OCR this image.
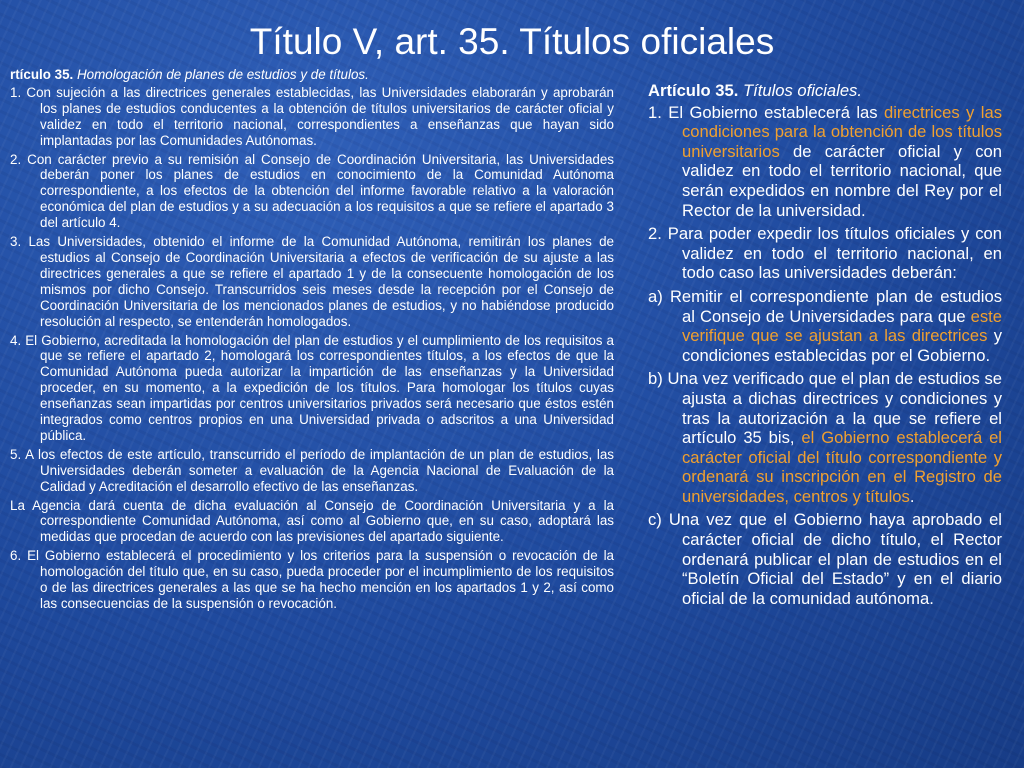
Título V, art. 35. Títulos oficiales
rtículo 35. Homologación de planes de estudios y de títulos.

1. Con sujeción a las directrices generales establecidas, las Universidades elaborarán y aprobarán los planes de estudios conducentes a la obtención de títulos universitarios de carácter oficial y validez en todo el territorio nacional, correspondientes a enseñanzas que hayan sido implantadas por las Comunidades Autónomas.

2. Con carácter previo a su remisión al Consejo de Coordinación Universitaria, las Universidades deberán poner los planes de estudios en conocimiento de la Comunidad Autónoma correspondiente, a los efectos de la obtención del informe favorable relativo a la valoración económica del plan de estudios y a su adecuación a los requisitos a que se refiere el apartado 3 del artículo 4.

3. Las Universidades, obtenido el informe de la Comunidad Autónoma, remitirán los planes de estudios al Consejo de Coordinación Universitaria a efectos de verificación de su ajuste a las directrices generales a que se refiere el apartado 1 y de la consecuente homologación de los mismos por dicho Consejo. Transcurridos seis meses desde la recepción por el Consejo de Coordinación Universitaria de los mencionados planes de estudios, y no habiéndose producido resolución al respecto, se entenderán homologados.

4. El Gobierno, acreditada la homologación del plan de estudios y el cumplimiento de los requisitos a que se refiere el apartado 2, homologará los correspondientes títulos, a los efectos de que la Comunidad Autónoma pueda autorizar la impartición de las enseñanzas y la Universidad proceder, en su momento, a la expedición de los títulos. Para homologar los títulos cuyas enseñanzas sean impartidas por centros universitarios privados será necesario que éstos estén integrados como centros propios en una Universidad privada o adscritos a una Universidad pública.

5. A los efectos de este artículo, transcurrido el período de implantación de un plan de estudios, las Universidades deberán someter a evaluación de la Agencia Nacional de Evaluación de la Calidad y Acreditación el desarrollo efectivo de las enseñanzas.

La Agencia dará cuenta de dicha evaluación al Consejo de Coordinación Universitaria y a la correspondiente Comunidad Autónoma, así como al Gobierno que, en su caso, adoptará las medidas que procedan de acuerdo con las previsiones del apartado siguiente.

6. El Gobierno establecerá el procedimiento y los criterios para la suspensión o revocación de la homologación del título que, en su caso, pueda proceder por el incumplimiento de los requisitos o de las directrices generales a las que se ha hecho mención en los apartados 1 y 2, así como las consecuencias de la suspensión o revocación.

Artículo 35. Títulos oficiales.

1. El Gobierno establecerá las directrices y las condiciones para la obtención de los títulos universitarios de carácter oficial y con validez en todo el territorio nacional, que serán expedidos en nombre del Rey por el Rector de la universidad.

2. Para poder expedir los títulos oficiales y con validez en todo el territorio nacional, en todo caso las universidades deberán:

a) Remitir el correspondiente plan de estudios al Consejo de Universidades para que este verifique que se ajustan a las directrices y condiciones establecidas por el Gobierno.

b) Una vez verificado que el plan de estudios se ajusta a dichas directrices y condiciones y tras la autorización a la que se refiere el artículo 35 bis, el Gobierno establecerá el carácter oficial del título correspondiente y ordenará su inscripción en el Registro de universidades, centros y títulos.

c) Una vez que el Gobierno haya aprobado el carácter oficial de dicho título, el Rector ordenará publicar el plan de estudios en el “Boletín Oficial del Estado” y en el diario oficial de la comunidad autónoma.
